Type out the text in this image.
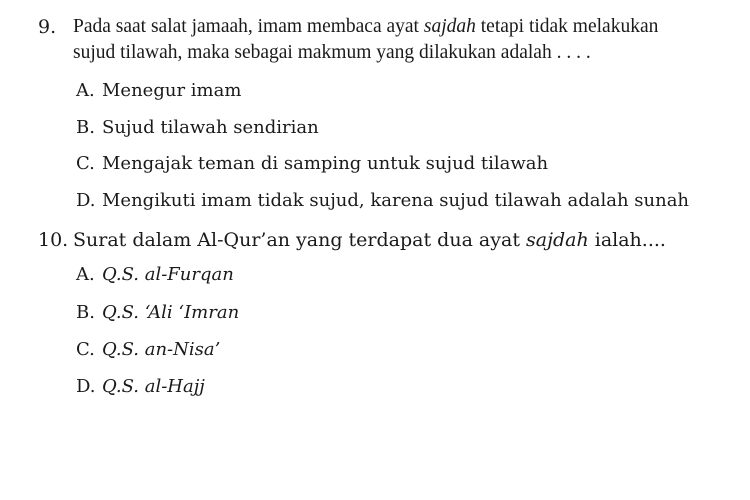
9. Pada saat salat jamaah, imam membaca ayat sajdah tetapi tidak melakukan
sujud tilawah, maka sebagai makmum yang dilakukan adalah . . . .
A. Menegur imam
B. Sujud tilawah sendirian
C. Mengajak teman di samping untuk sujud tilawah
D. Mengikuti imam tidak sujud, karena sujud tilawah adalah sunah
10. Surat dalam Al-Qur’an yang terdapat dua ayat sajdah ialah....
A. Q.S. al-Furqan
B. Q.S. ‘Ali ‘Imran
C. Q.S. an-Nisa’
D. Q.S. al-Hajj
